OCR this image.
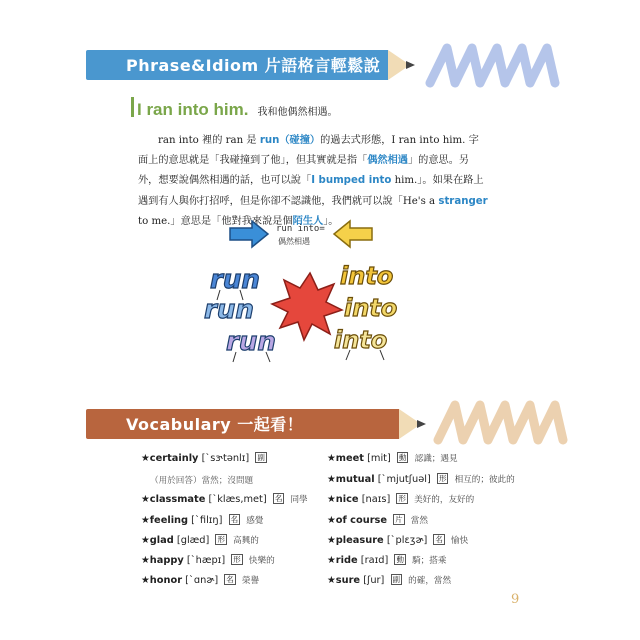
Phrase&Idiom 片語格言輕鬆說
I ran into him. 我和他偶然相遇。
ran into 裡的 ran 是 run（碰撞）的過去式形態，I ran into him. 字面上的意思就是「我碰撞到了他」，但其實就是指「偶然相遇」的意思。另外，想要說偶然相遇的話，也可以說「I bumped into him.」。如果在路上遇到有人與你打招呼，但是你卻不認識他，我們就可以說「He's a stranger to me.」意思是「他對我來說是個陌生人」。
run into=
偶然相遇
run
run
run
into
into
into
Vocabulary 一起看！
★certainly [ˋsɝtənlɪ] 副
（用於回答）當然；沒問題
★classmate [ˋklæs,met] 名 同學
★feeling [ˋfilɪŋ] 名 感覺
★glad [glæd] 形 高興的
★happy [ˋhæpɪ] 形 快樂的
★honor [ˋɑnɚ] 名 榮譽
★meet [mit] 動 認識；遇見
★mutual [ˋmjutʃuəl] 形 相互的；彼此的
★nice [naɪs] 形 美好的，友好的
★of course 片 當然
★pleasure [ˋplɛʒɚ] 名 愉快
★ride [raɪd] 動 騎；搭乘
★sure [ʃur] 副 的確，當然
9
